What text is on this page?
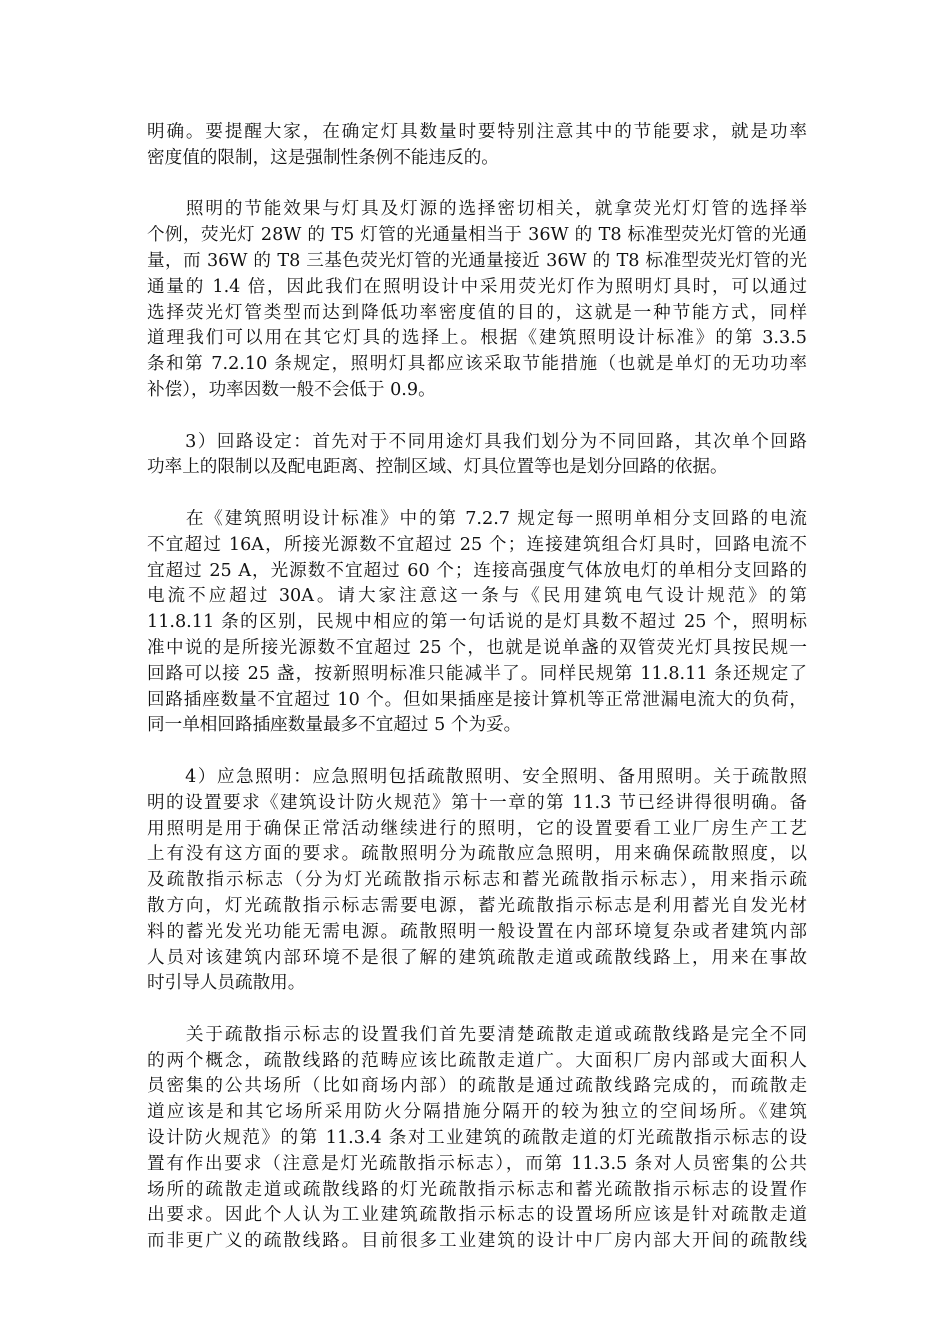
明确。要提醒大家，在确定灯具数量时要特别注意其中的节能要求，就是功率
密度值的限制，这是强制性条例不能违反的。

　　照明的节能效果与灯具及灯源的选择密切相关，就拿荧光灯灯管的选择举
个例，荧光灯 28W 的 T5 灯管的光通量相当于 36W 的 T8 标准型荧光灯管的光通
量，而 36W 的 T8 三基色荧光灯管的光通量接近 36W 的 T8 标准型荧光灯管的光
通量的 1.4 倍，因此我们在照明设计中采用荧光灯作为照明灯具时，可以通过
选择荧光灯管类型而达到降低功率密度值的目的，这就是一种节能方式，同样
道理我们可以用在其它灯具的选择上。根据《建筑照明设计标准》的第 3.3.5
条和第 7.2.10 条规定，照明灯具都应该采取节能措施（也就是单灯的无功功率
补偿），功率因数一般不会低于 0.9。

　　3）回路设定：首先对于不同用途灯具我们划分为不同回路，其次单个回路
功率上的限制以及配电距离、控制区域、灯具位置等也是划分回路的依据。

　　在《建筑照明设计标准》中的第 7.2.7 规定每一照明单相分支回路的电流
不宜超过 16A，所接光源数不宜超过 25 个；连接建筑组合灯具时，回路电流不
宜超过 25 A，光源数不宜超过 60 个；连接高强度气体放电灯的单相分支回路的
电流不应超过 30A。请大家注意这一条与《民用建筑电气设计规范》的第
11.8.11 条的区别，民规中相应的第一句话说的是灯具数不超过 25 个，照明标
准中说的是所接光源数不宜超过 25 个，也就是说单盏的双管荧光灯具按民规一
回路可以接 25 盏，按新照明标准只能减半了。同样民规第 11.8.11 条还规定了
回路插座数量不宜超过 10 个。但如果插座是接计算机等正常泄漏电流大的负荷，
同一单相回路插座数量最多不宜超过 5 个为妥。

　　4）应急照明：应急照明包括疏散照明、安全照明、备用照明。关于疏散照
明的设置要求《建筑设计防火规范》第十一章的第 11.3 节已经讲得很明确。备
用照明是用于确保正常活动继续进行的照明，它的设置要看工业厂房生产工艺
上有没有这方面的要求。疏散照明分为疏散应急照明，用来确保疏散照度，以
及疏散指示标志（分为灯光疏散指示标志和蓄光疏散指示标志），用来指示疏
散方向，灯光疏散指示标志需要电源，蓄光疏散指示标志是利用蓄光自发光材
料的蓄光发光功能无需电源。疏散照明一般设置在内部环境复杂或者建筑内部
人员对该建筑内部环境不是很了解的建筑疏散走道或疏散线路上，用来在事故
时引导人员疏散用。

　　关于疏散指示标志的设置我们首先要清楚疏散走道或疏散线路是完全不同
的两个概念，疏散线路的范畴应该比疏散走道广。大面积厂房内部或大面积人
员密集的公共场所（比如商场内部）的疏散是通过疏散线路完成的，而疏散走
道应该是和其它场所采用防火分隔措施分隔开的较为独立的空间场所。《建筑
设计防火规范》的第 11.3.4 条对工业建筑的疏散走道的灯光疏散指示标志的设
置有作出要求（注意是灯光疏散指示标志），而第 11.3.5 条对人员密集的公共
场所的疏散走道或疏散线路的灯光疏散指示标志和蓄光疏散指示标志的设置作
出要求。因此个人认为工业建筑疏散指示标志的设置场所应该是针对疏散走道
而非更广义的疏散线路。目前很多工业建筑的设计中厂房内部大开间的疏散线
